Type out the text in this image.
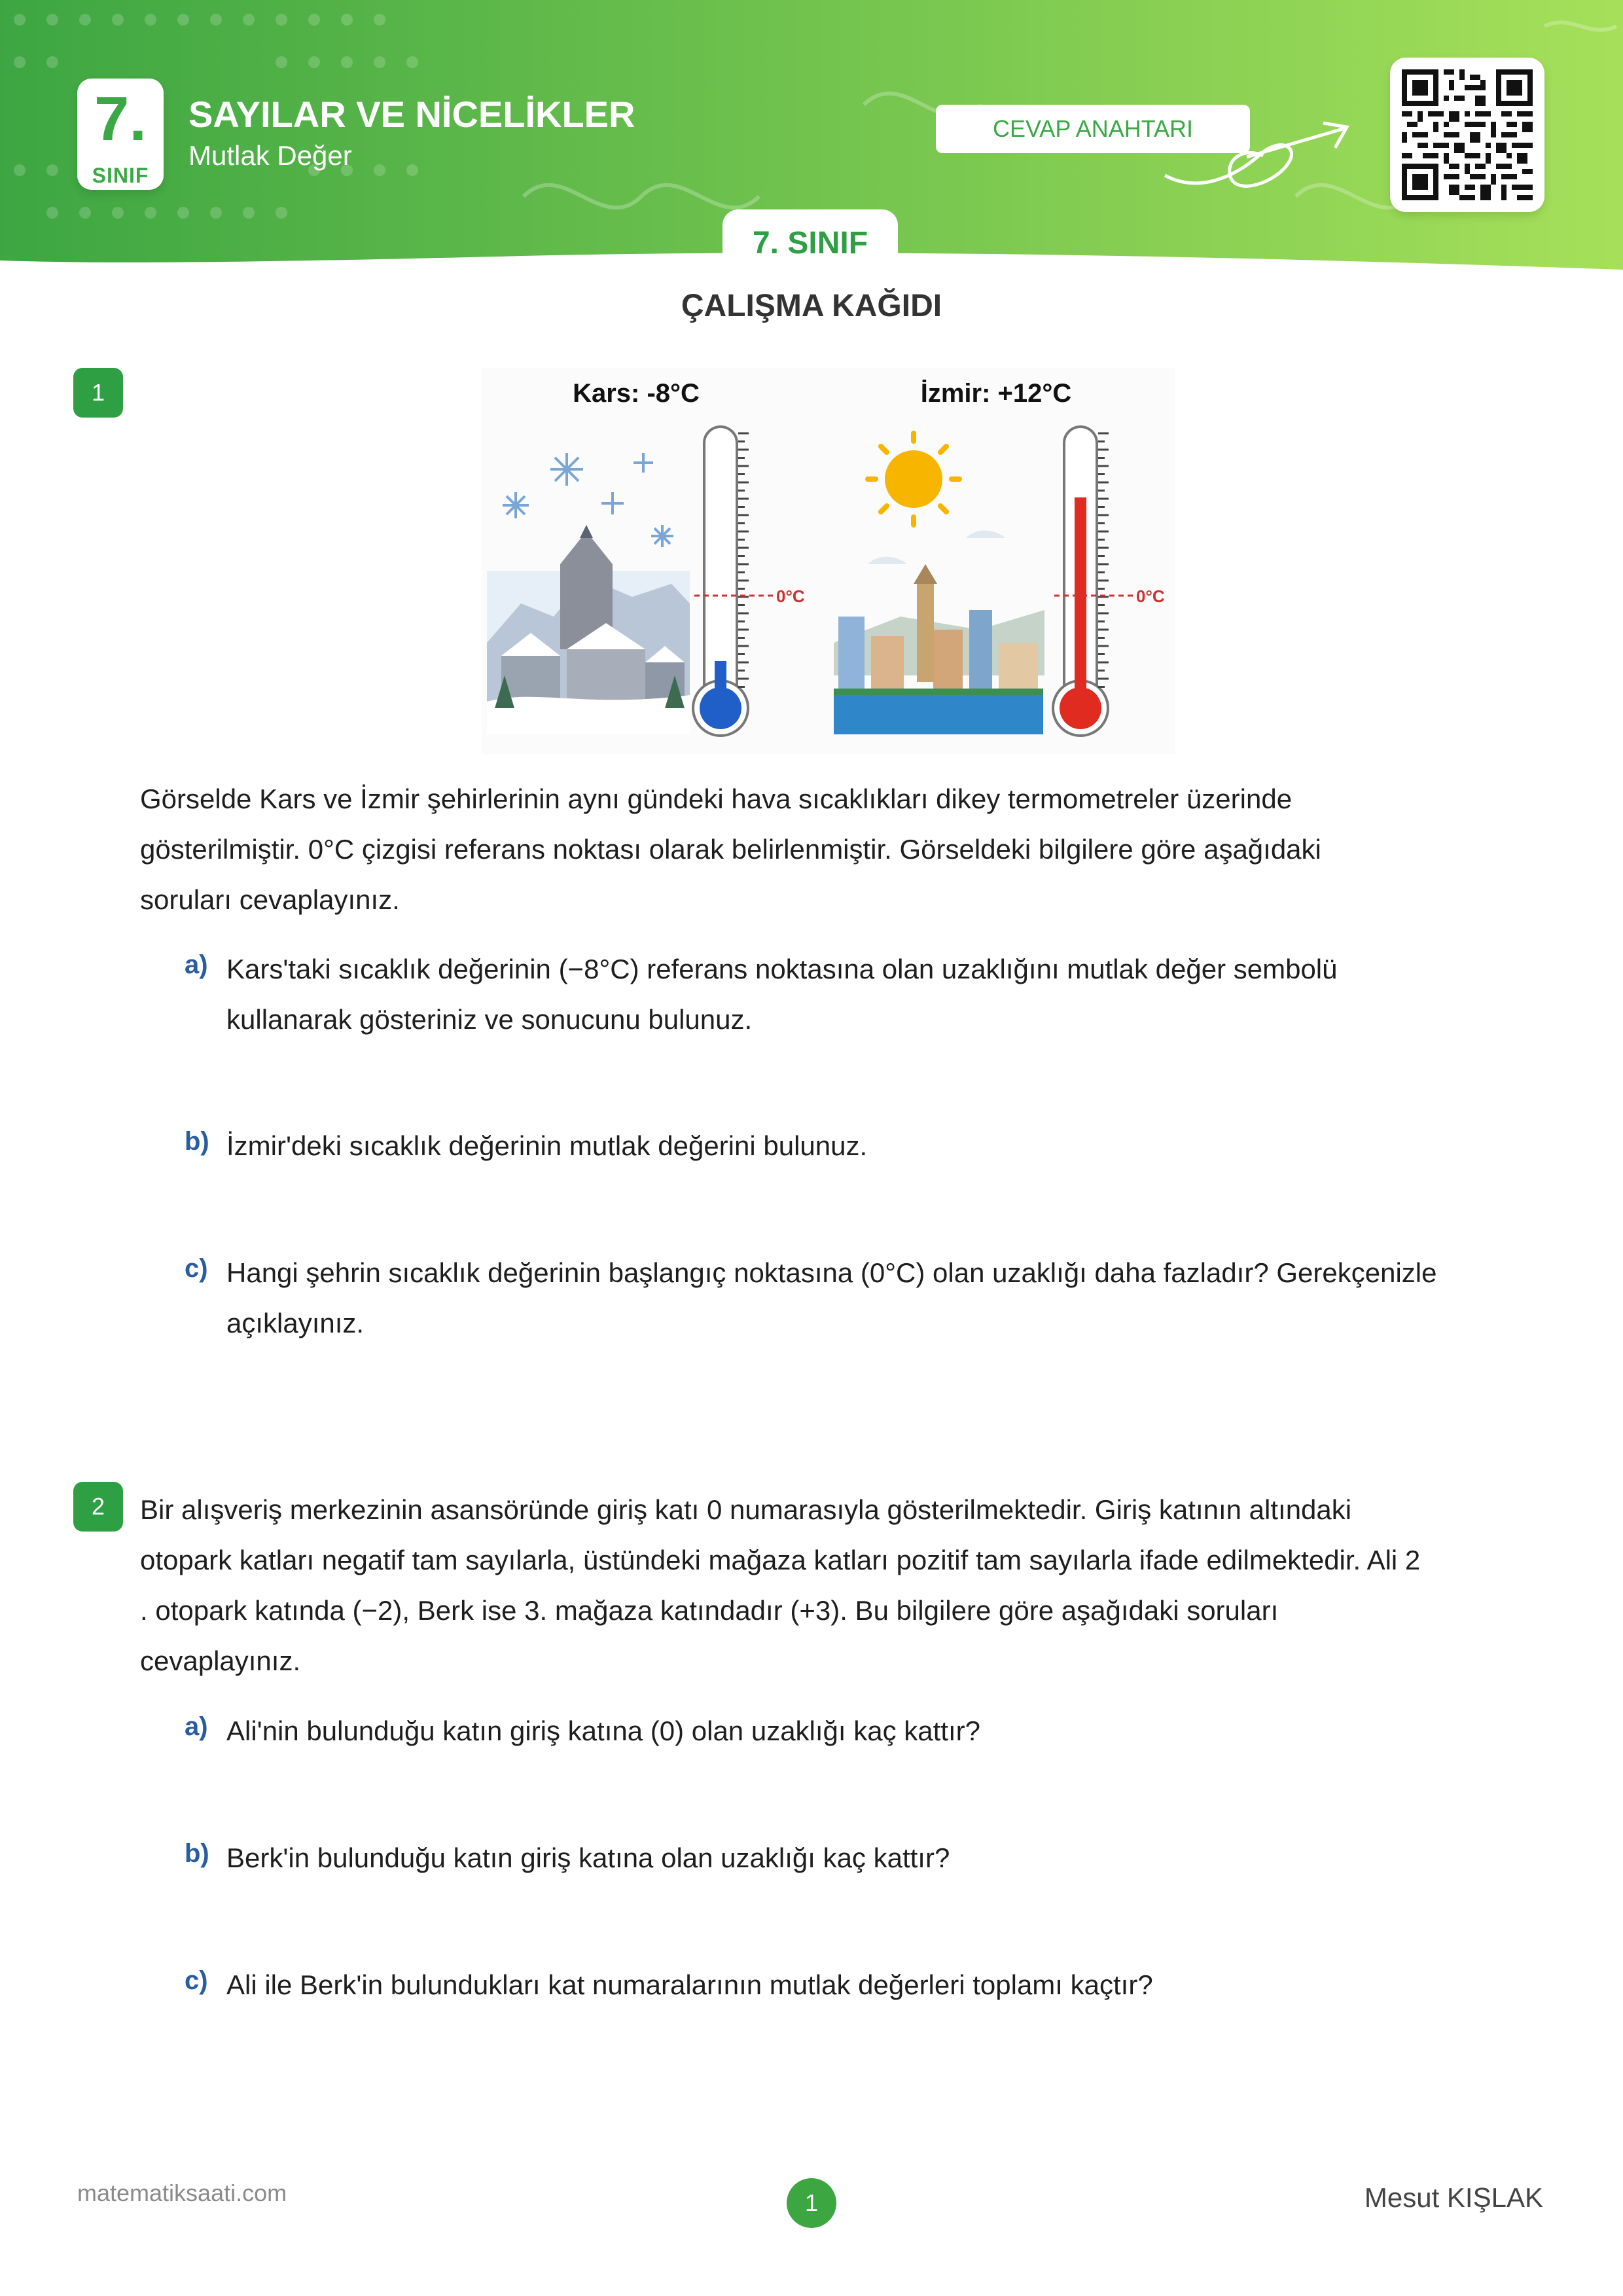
7.
SINIF
SAYILAR VE NİCELİKLER
Mutlak Değer
CEVAP ANAHTARI
7. SINIF
ÇALIŞMA KAĞIDI
1	Kars: -8°C	İzmir: +12°C
0°C	0°C
Görselde Kars ve İzmir şehirlerinin aynı gündeki hava sıcaklıkları dikey termometreler üzerinde
gösterilmiştir. 0°C çizgisi referans noktası olarak belirlenmiştir. Görseldeki bilgilere göre aşağıdaki
soruları cevaplayınız.
a) Kars'taki sıcaklık değerinin (−8°C) referans noktasına olan uzaklığını mutlak değer sembolü
kullanarak gösteriniz ve sonucunu bulunuz.
b) İzmir'deki sıcaklık değerinin mutlak değerini bulunuz.
c) Hangi şehrin sıcaklık değerinin başlangıç noktasına (0°C) olan uzaklığı daha fazladır? Gerekçenizle
açıklayınız.
2	Bir alışveriş merkezinin asansöründe giriş katı 0 numarasıyla gösterilmektedir. Giriş katının altındaki
otopark katları negatif tam sayılarla, üstündeki mağaza katları pozitif tam sayılarla ifade edilmektedir. Ali 2
. otopark katında (−2), Berk ise 3. mağaza katındadır (+3). Bu bilgilere göre aşağıdaki soruları
cevaplayınız.
a) Ali'nin bulunduğu katın giriş katına (0) olan uzaklığı kaç kattır?
b) Berk'in bulunduğu katın giriş katına olan uzaklığı kaç kattır?
c) Ali ile Berk'in bulundukları kat numaralarının mutlak değerleri toplamı kaçtır?
matematiksaati.com	1	Mesut KIŞLAK
